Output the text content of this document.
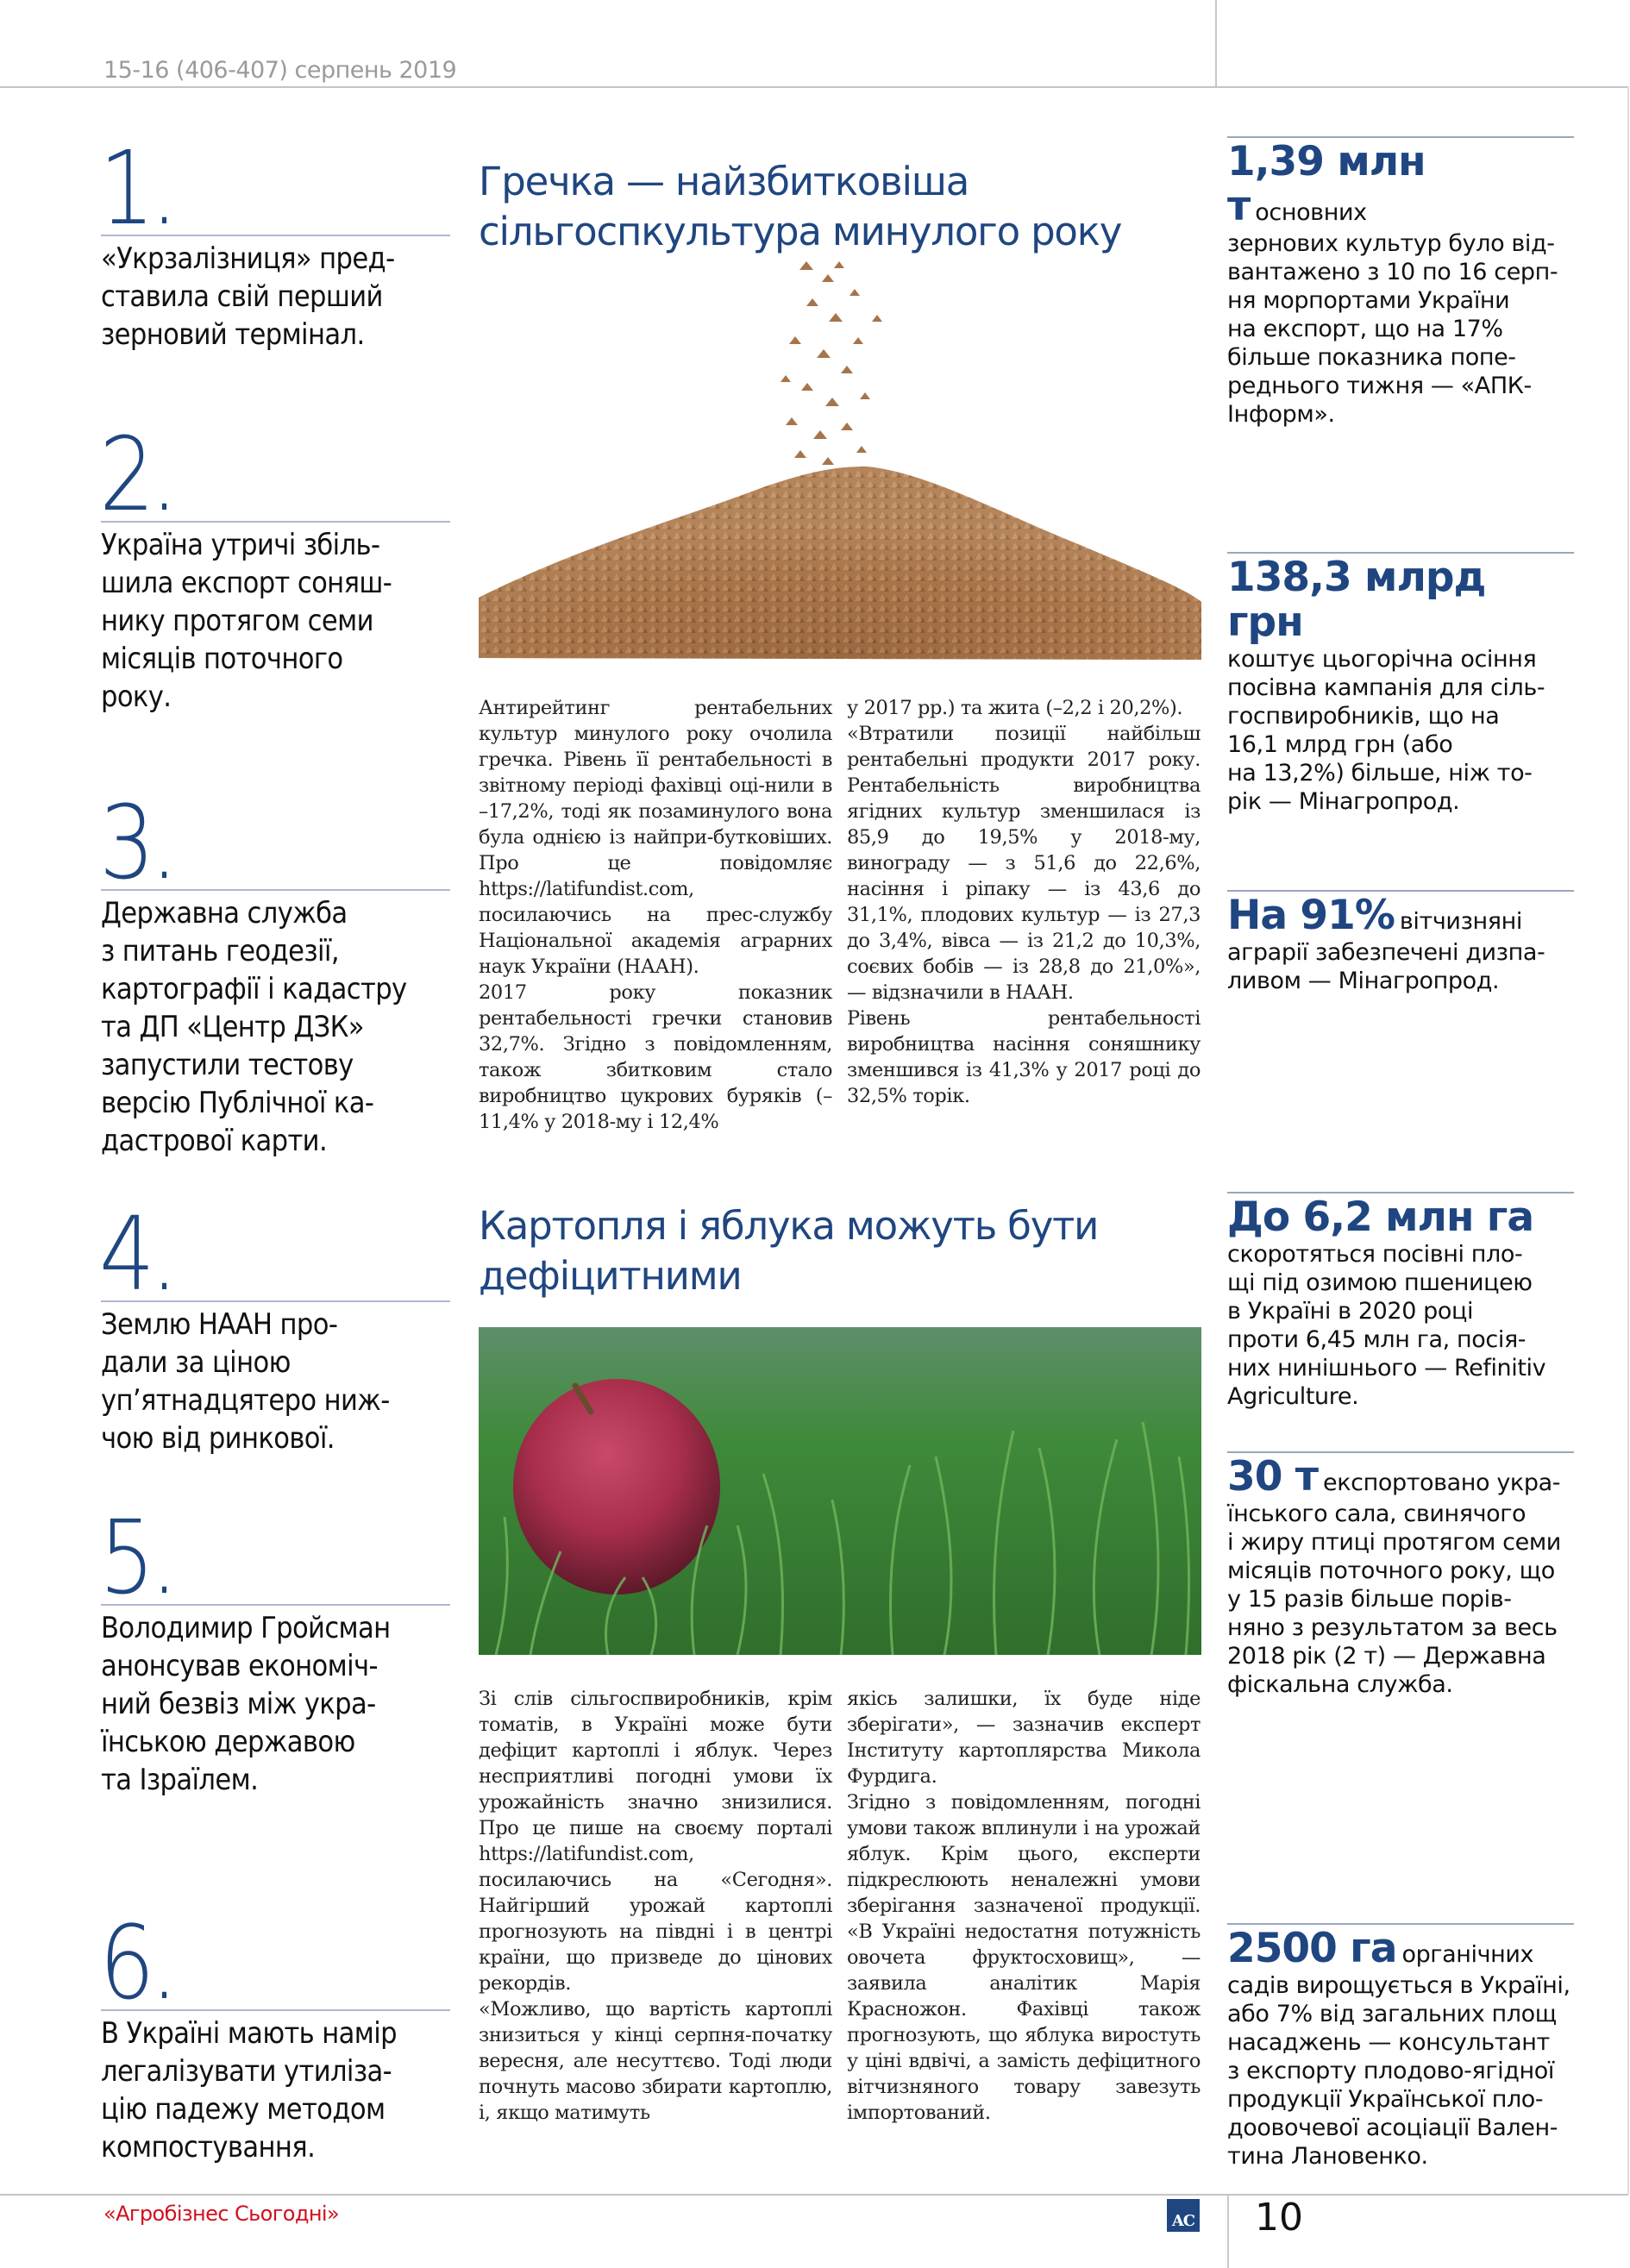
15-16 (406-407) серпень 2019
1.
«Укрзалізниця» пред-
ставила свій перший
зерновий термінал.
2.
Україна утричі збіль-
шила експорт соняш-
нику протягом семи
місяців поточного
року.
3.
Державна служба
з питань геодезії,
картографії і кадастру
та ДП «Центр ДЗК»
запустили тестову
версію Публічної ка-
дастрової карти.
4.
Землю НААН про-
дали за ціною
уп’ятнадцятеро ниж-
чою від ринкової.
5.
Володимир Гройсман
анонсував економіч-
ний безвіз між укра-
їнською державою
та Ізраїлем.
6.
В Україні мають намір
легалізувати утиліза-
цію падежу методом
компостування.
Гречка — найзбитковіша
сільгоспкультура минулого року
Антирейтинг рентабельних культур минулого року очолила гречка. Рівень її рентабельності в звітному періоді фахівці оці-нили в –17,2%, тоді як позаминулого вона була однією із найпри-бутковіших. Про це повідомляє https://latifundist.com, посилаючись на прес-службу Національної академія аграрних наук України (НААН).
2017 року показник рентабельності гречки становив 32,7%. Згідно з повідомленням, також збитковим стало виробництво цукрових буряків (–11,4% у 2018-му і 12,4%
у 2017 рр.) та жита (–2,2 і 20,2%).
«Втратили позиції найбільш рентабельні продукти 2017 року. Рентабельність виробництва ягідних культур зменшилася із 85,9 до 19,5% у 2018-му, винограду — з 51,6 до 22,6%, насіння і ріпаку — із 43,6 до 31,1%, плодових культур — із 27,3 до 3,4%, вівса — із 21,2 до 10,3%, соєвих бобів — із 28,8 до 21,0%», — відзначили в НААН.
Рівень рентабельності виробництва насіння соняшнику зменшився із 41,3% у 2017 році до 32,5% торік.
Картопля і яблука можуть бути
дефіцитними
Зі слів сільгоспвиробників, крім томатів, в Україні може бути дефіцит картоплі і яблук. Через несприятливі погодні умови їх урожайність значно знизилися. Про це пише на своєму порталі https://latifundist.com, посилаючись на «Сегодня». Найгірший урожай картоплі прогнозують на півдні і в центрі країни, що призведе до цінових рекордів.
«Можливо, що вартість картоплі знизиться у кінці серпня-початку вересня, але несуттєво. Тоді люди почнуть масово збирати картоплю, і, якщо матимуть
якісь залишки, їх буде ніде зберігати», — зазначив експерт Інституту картоплярства Микола Фурдига.
Згідно з повідомленням, погодні умови також вплинули і на урожай яблук. Крім цього, експерти підкреслюють неналежні умови зберігання зазначеної продукції. «В Україні недостатня потужність овочета фруктосховищ», — заявила аналітик Марія Красножон. Фахівці також прогнозують, що яблука виростуть у ціні вдвічі, а замість дефіцитного вітчизняного товару завезуть імпортований.
1,39 млн т основних
зернових культур було від-
вантажено з 10 по 16 серп-
ня морпортами України
на експорт, що на 17%
більше показника попе-
реднього тижня — «АПК-
Інформ».
138,3 млрд грн
коштує цьогорічна осіння
посівна кампанія для сіль-
госпвиробників, що на
16,1 млрд грн (або
на 13,2%) більше, ніж то-
рік — Мінагропрод.
На 91% вітчизняні
аграрії забезпечені дизпа-
ливом — Мінагропрод.
До 6,2 млн га
скоротяться посівні пло-
щі під озимою пшеницею
в Україні в 2020 році
проти 6,45 млн га, посія-
них нинішнього — Refinitiv
Agriculture.
30 т експортовано укра-
їнського сала, свинячого
і жиру птиці протягом семи
місяців поточного року, що
у 15 разів більше порів-
няно з результатом за весь
2018 рік (2 т) — Державна
фіскальна служба.
2500 га органічних
садів вирощується в Україні,
або 7% від загальних площ
насаджень — консультант
з експорту плодово-ягідної
продукції Української пло-
доовочевої асоціації Вален-
тина Лановенко.
«Агробізнес Сьогодні»	AC 10
